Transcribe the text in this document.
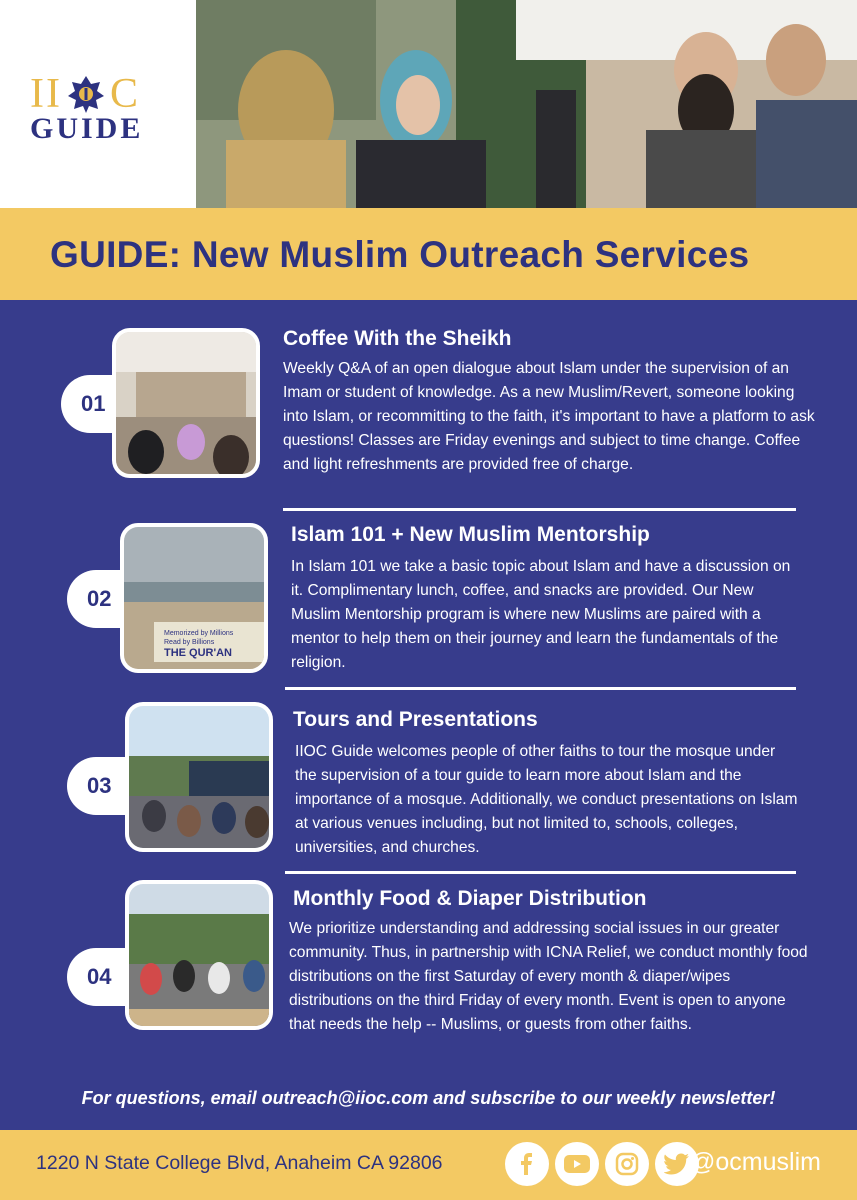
II C
GUIDE
GUIDE: New Muslim Outreach Services
01
Coffee With the Sheikh
Weekly Q&A of an open dialogue about Islam under the supervision of an Imam or student of knowledge. As a new Muslim/Revert, someone looking into Islam, or recommitting to the faith, it's important to have a platform to ask questions! Classes are Friday evenings and subject to time change. Coffee and light refreshments are provided free of charge.
02
Memorized by Millions
Read by Billions
THE QUR'AN
Islam 101 + New Muslim Mentorship
In Islam 101 we take a basic topic about Islam and have a discussion on it. Complimentary lunch, coffee, and snacks are provided. Our New Muslim Mentorship program is where new Muslims are paired with a mentor to help them on their journey and learn the fundamentals of the religion.
03
Tours and Presentations
IIOC Guide welcomes people of other faiths to tour the mosque under the supervision of a tour guide to learn more about Islam and the importance of a mosque. Additionally, we conduct presentations on Islam at various venues including, but not limited to, schools, colleges, universities, and churches.
04
Monthly Food & Diaper Distribution
We prioritize understanding and addressing social issues in our greater community. Thus, in partnership with ICNA Relief, we conduct monthly food distributions on the first Saturday of every month & diaper/wipes distributions on the third Friday of every month. Event is open to anyone that needs the help -- Muslims, or guests from other faiths.
For questions, email outreach@iioc.com and subscribe to our weekly newsletter!
1220 N State College Blvd, Anaheim CA 92806	@ocmuslim
